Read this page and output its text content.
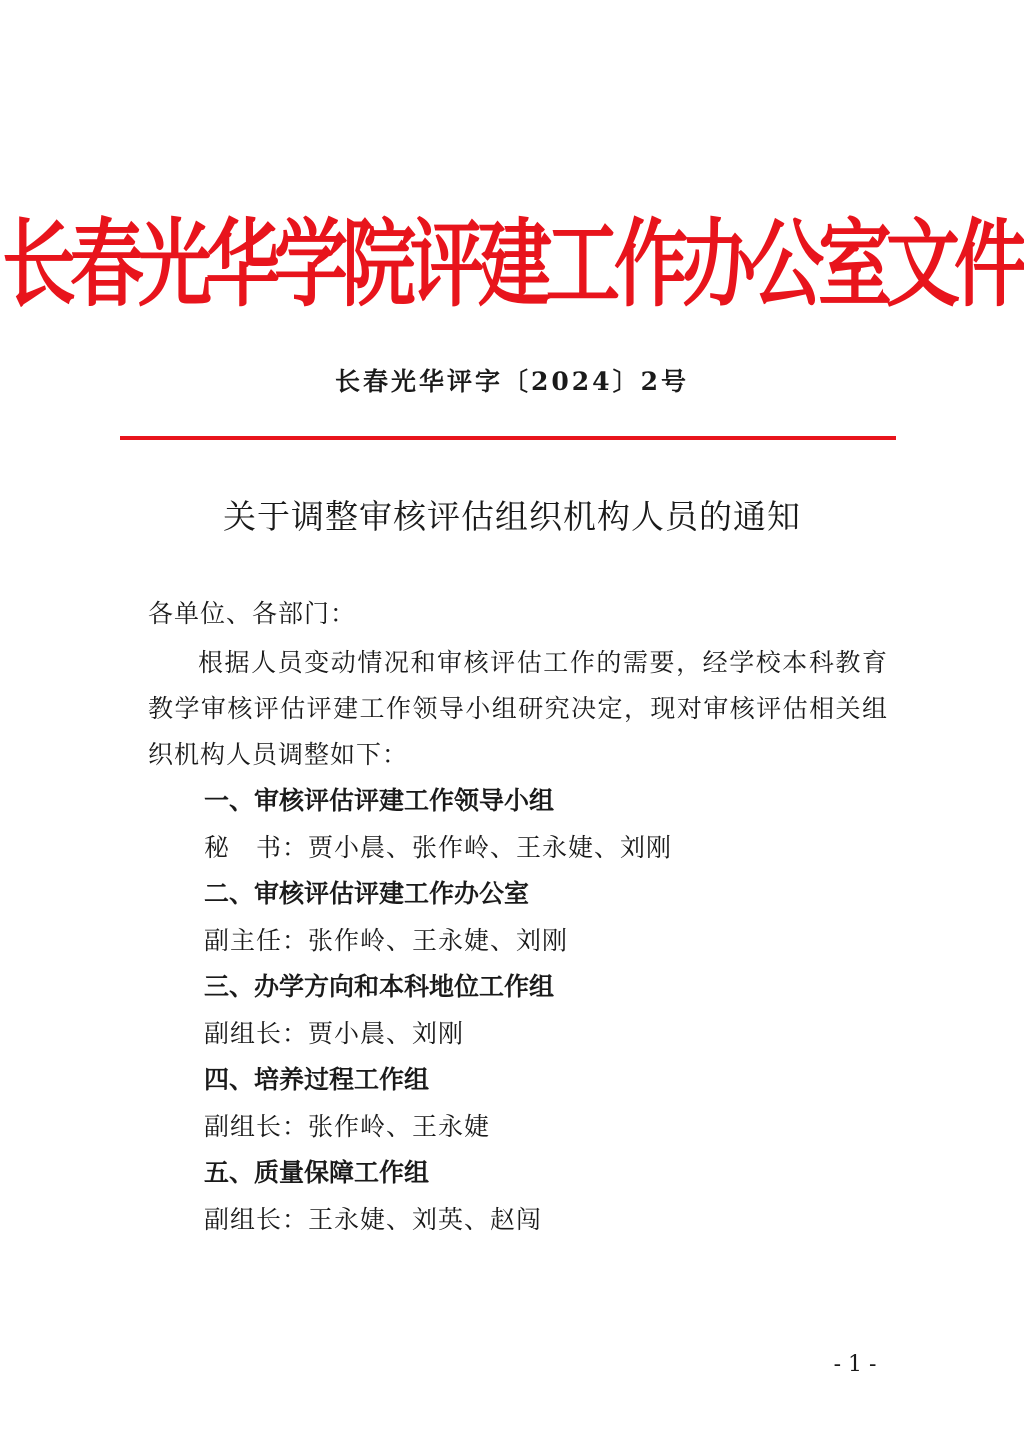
长春光华学院评建工作办公室文件
长春光华评字〔2024〕2号
关于调整审核评估组织机构人员的通知
各单位、各部门：
根据人员变动情况和审核评估工作的需要，经学校本科教育教学审核评估评建工作领导小组研究决定，现对审核评估相关组织机构人员调整如下：
一、审核评估评建工作领导小组
秘　书：贾小晨、张作岭、王永婕、刘刚
二、审核评估评建工作办公室
副主任：张作岭、王永婕、刘刚
三、办学方向和本科地位工作组
副组长：贾小晨、刘刚
四、培养过程工作组
副组长：张作岭、王永婕
五、质量保障工作组
副组长：王永婕、刘英、赵闯
- 1 -
